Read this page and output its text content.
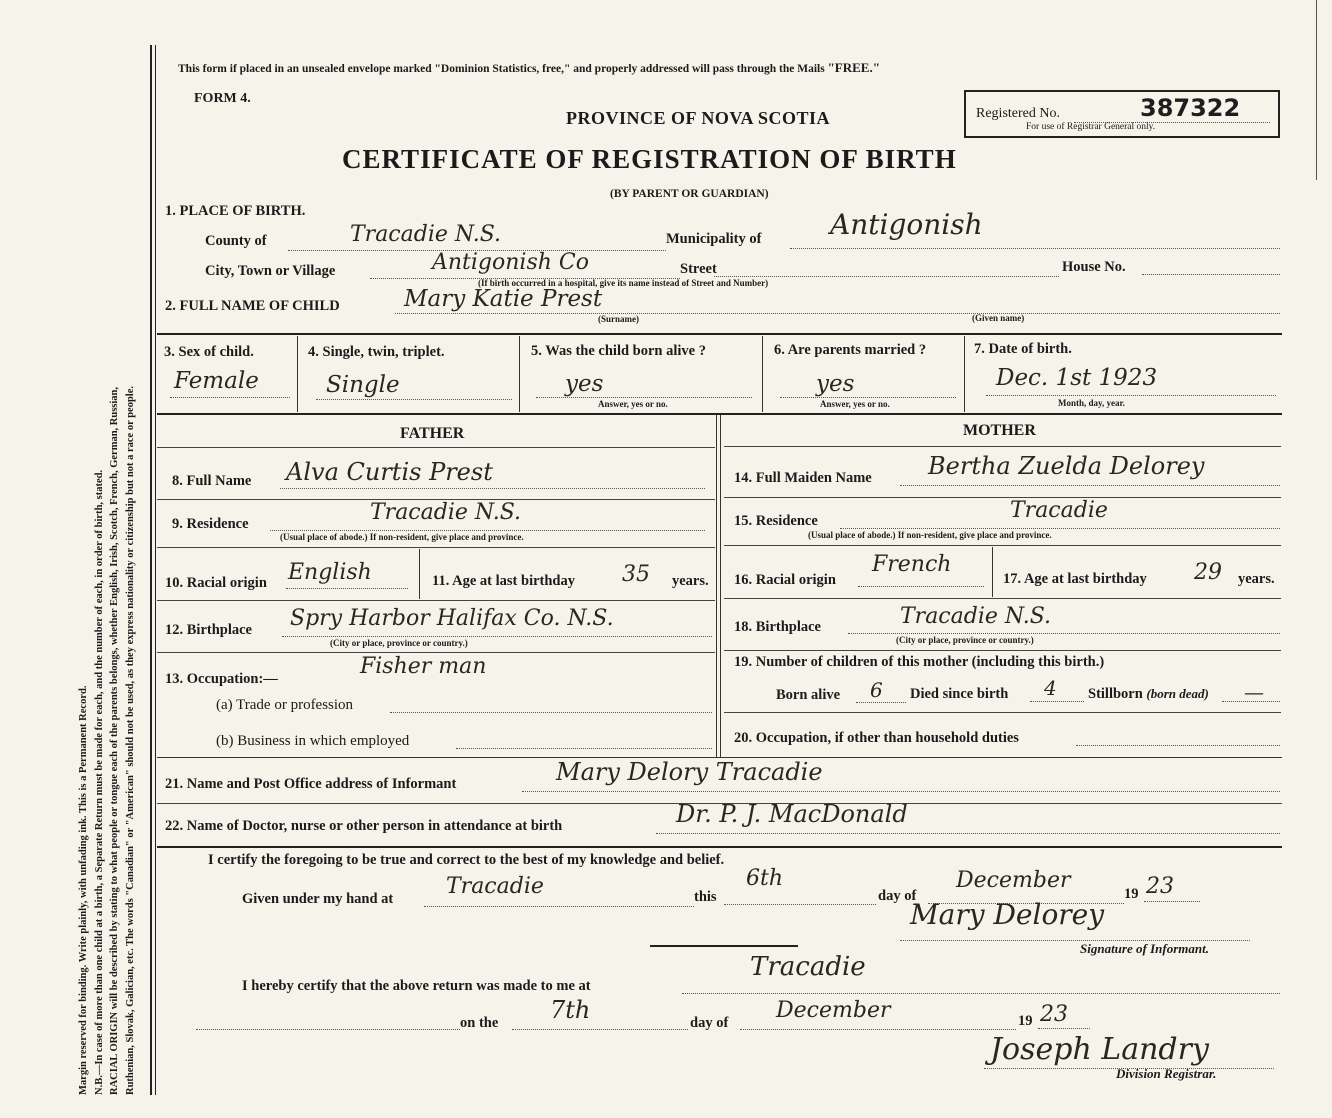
Margin reserved for binding. Write plainly, with unfading ink. This is a Permanent Record. N.B.—In case of more than one child at a birth, a Separate Return must be made for each, and the number of each, in order of birth, stated. RACIAL ORIGIN will be described by stating to what people or tongue each of the parents belongs, whether English, Irish, Scotch, French, German, Russian, Ruthenian, Slovak, Galician, etc. The words "Canadian" or "American" should not be used, as they express nationality or citizenship but not a race or people.
This form if placed in an unsealed envelope marked "Dominion Statistics, free," and properly addressed will pass through the Mails "FREE."
FORM 4.
PROVINCE OF NOVA SCOTIA
CERTIFICATE OF REGISTRATION OF BIRTH
(BY PARENT OR GUARDIAN)
Registered No.	387322
For use of Registrar General only.
1. PLACE OF BIRTH.
County of	Tracadie N.S.	Municipality of Antigonish
City, Town or Village	Antigonish Co	Street	House No.
(If birth occurred in a hospital, give its name instead of Street and Number)
2. FULL NAME OF CHILD	Mary Katie Prest
(Surname)	(Given name)
3. Sex of child.
Female
4. Single, twin, triplet.
Single
5. Was the child born alive ?
yes
Answer, yes or no.
6. Are parents married ?
yes
Answer, yes or no.
7. Date of birth.
Dec. 1st 1923
Month, day, year.
FATHER	MOTHER
8. Full Name Alva Curtis Prest
9. Residence	Tracadie N.S.
(Usual place of abode.) If non-resident, give place and province.
10. Racial origin English	11. Age at last birthday 35 years.
12. Birthplace Spry Harbor Halifax Co. N.S.
(City or place, province or country.)
13. Occupation:—	Fisher man
(a) Trade or profession
(b) Business in which employed
14. Full Maiden Name Bertha Zuelda Delorey
15. Residence	Tracadie
(Usual place of abode.) If non-resident, give place and province.
16. Racial origin
French
17. Age at last birthday 29 years.
18. Birthplace	Tracadie N.S.
(City or place, province or country.)
19. Number of children of this mother (including this birth.)
Born alive 6 Died since birth 4 Stillborn (born dead) —
20. Occupation, if other than household duties
21. Name and Post Office address of Informant	Mary Delory Tracadie
22. Name of Doctor, nurse or other person in attendance at birth	Dr. P. J. MacDonald
I certify the foregoing to be true and correct to the best of my knowledge and belief.
Given under my hand at Tracadie	this
6th
day of
December
19 23
Mary Delorey
Signature of Informant.
I hereby certify that the above return was made to me at
Tracadie
on the 7th	day of December	19 23
Joseph Landry
Division Registrar.
